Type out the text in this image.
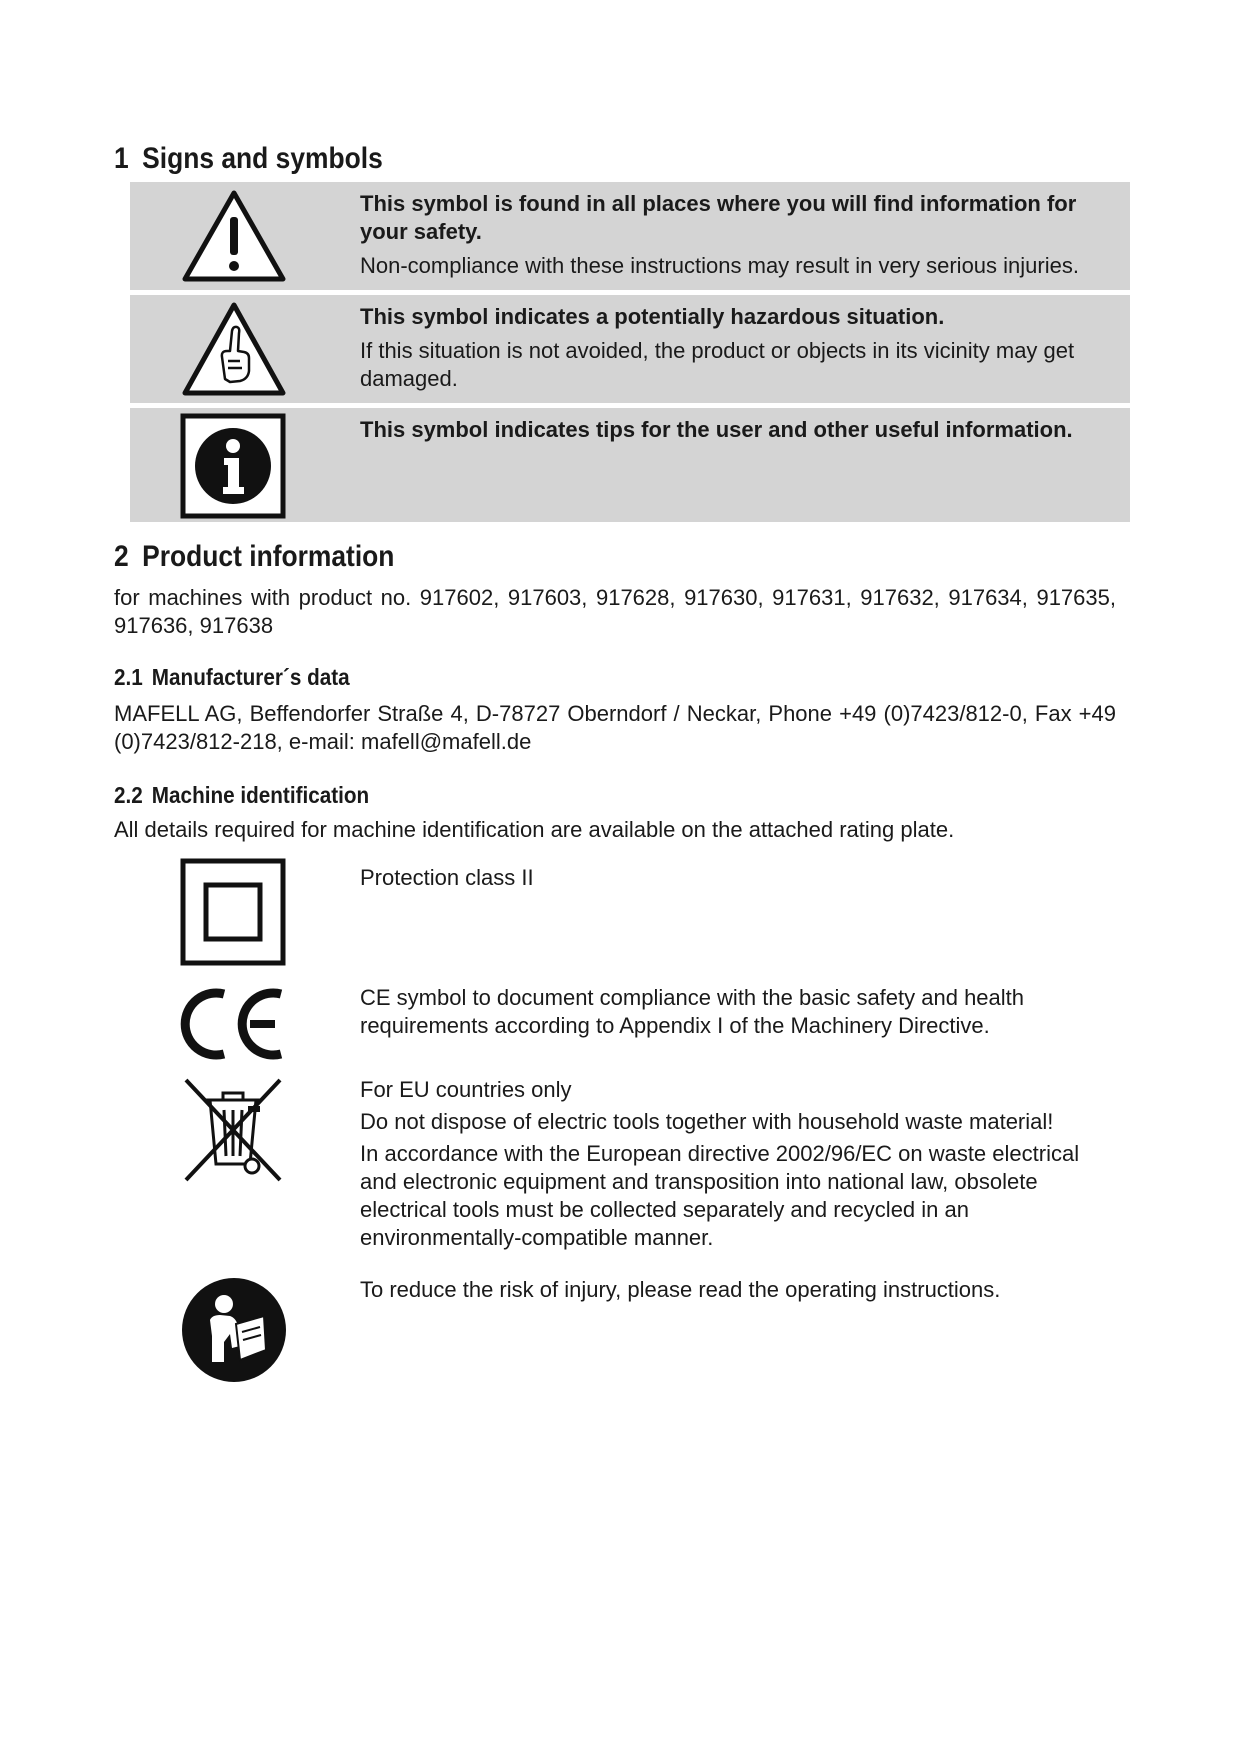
1 Signs and symbols
This symbol is found in all places where you will find information for your safety.
Non-compliance with these instructions may result in very serious injuries.
This symbol indicates a potentially hazardous situation.
If this situation is not avoided, the product or objects in its vicinity may get damaged.
This symbol indicates tips for the user and other useful information.
2 Product information
for machines with product no. 917602, 917603, 917628, 917630, 917631, 917632, 917634, 917635, 917636, 917638
2.1 Manufacturer´s data
MAFELL AG, Beffendorfer Straße 4, D-78727 Oberndorf / Neckar, Phone +49 (0)7423/812-0, Fax +49 (0)7423/812-218, e-mail: mafell@mafell.de
2.2 Machine identification
All details required for machine identification are available on the attached rating plate.
Protection class II
CE symbol to document compliance with the basic safety and health requirements according to Appendix I of the Machinery Directive.
For EU countries only
Do not dispose of electric tools together with household waste material!
In accordance with the European directive 2002/96/EC on waste electrical and electronic equipment and transposition into national law, obsolete electrical tools must be collected separately and recycled in an environmentally-compatible manner.
To reduce the risk of injury, please read the operating instructions.
